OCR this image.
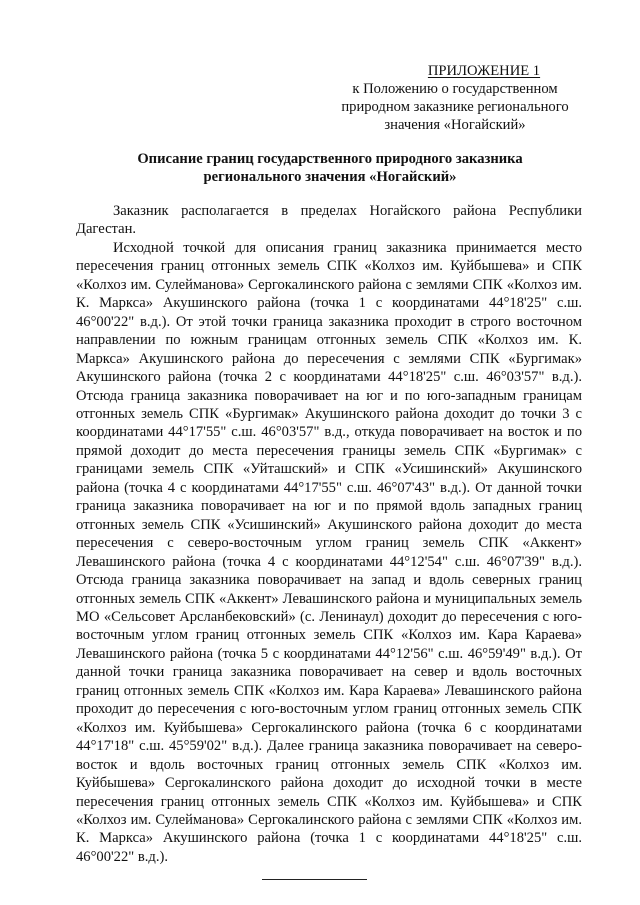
ПРИЛОЖЕНИЕ 1
к Положению о государственном
природном заказнике регионального
значения «Ногайский»
Описание границ государственного природного заказника
регионального значения «Ногайский»

Заказник располагается в пределах Ногайского района Республики Дагестан.

Исходной точкой для описания границ заказника принимается место пересечения границ отгонных земель СПК «Колхоз им. Куйбышева» и СПК «Колхоз им. Сулейманова» Сергокалинского района с землями СПК «Колхоз им. К. Маркса» Акушинского района (точка 1 с координатами 44°18'25" с.ш. 46°00'22" в.д.). От этой точки граница заказника проходит в строго восточном направлении по южным границам отгонных земель СПК «Колхоз им. К. Маркса» Акушинского района до пересечения с землями СПК «Бургимак» Акушинского района (точка 2 с координатами 44°18'25" с.ш. 46°03'57" в.д.). Отсюда граница заказника поворачивает на юг и по юго-западным границам отгонных земель СПК «Бургимак» Акушинского района доходит до точки 3 с координатами 44°17'55" с.ш. 46°03'57" в.д., откуда поворачивает на восток и по прямой доходит до места пересечения границы земель СПК «Бургимак» с границами земель СПК «Уйташский» и СПК «Усишинский» Акушинского района (точка 4 с координатами 44°17'55" с.ш. 46°07'43" в.д.). От данной точки граница заказника поворачивает на юг и по прямой вдоль западных границ отгонных земель СПК «Усишинский» Акушинского района доходит до места пересечения с северо-восточным углом границ земель СПК «Аккент» Левашинского района (точка 4 с координатами 44°12'54" с.ш. 46°07'39" в.д.). Отсюда граница заказника поворачивает на запад и вдоль северных границ отгонных земель СПК «Аккент» Левашинского района и муниципальных земель МО «Сельсовет Арсланбековский» (с. Ленинаул) доходит до пересечения с юго-восточным углом границ отгонных земель СПК «Колхоз им. Кара Караева» Левашинского района (точка 5 с координатами 44°12'56" с.ш. 46°59'49" в.д.). От данной точки граница заказника поворачивает на север и вдоль восточных границ отгонных земель СПК «Колхоз им. Кара Караева» Левашинского района проходит до пересечения с юго-восточным углом границ отгонных земель СПК «Колхоз им. Куйбышева» Сергокалинского района (точка 6 с координатами 44°17'18" с.ш. 45°59'02" в.д.). Далее граница заказника поворачивает на северо-восток и вдоль восточных границ отгонных земель СПК «Колхоз им. Куйбышева» Сергокалинского района доходит до исходной точки в месте пересечения границ отгонных земель СПК «Колхоз им. Куйбышева» и СПК «Колхоз им. Сулейманова» Сергокалинского района с землями СПК «Колхоз им. К. Маркса» Акушинского района (точка 1 с координатами 44°18'25" с.ш. 46°00'22" в.д.).
